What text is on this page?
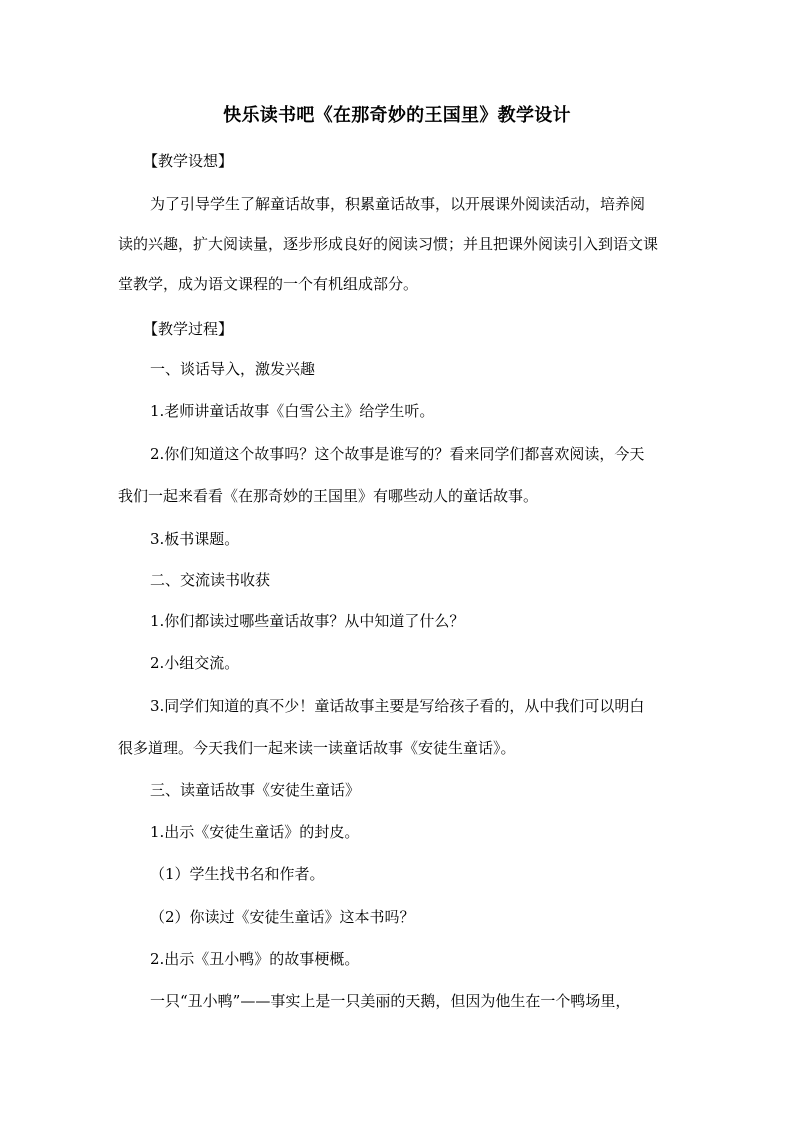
快乐读书吧《在那奇妙的王国里》教学设计
【教学设想】
为了引导学生了解童话故事，积累童话故事，以开展课外阅读活动，培养阅
读的兴趣，扩大阅读量，逐步形成良好的阅读习惯；并且把课外阅读引入到语文课
堂教学，成为语文课程的一个有机组成部分。
【教学过程】
一、谈话导入，激发兴趣
1.老师讲童话故事《白雪公主》给学生听。
2.你们知道这个故事吗？这个故事是谁写的？看来同学们都喜欢阅读，今天
我们一起来看看《在那奇妙的王国里》有哪些动人的童话故事。
3.板书课题。
二、交流读书收获
1.你们都读过哪些童话故事？从中知道了什么？
2.小组交流。
3.同学们知道的真不少！童话故事主要是写给孩子看的，从中我们可以明白
很多道理。今天我们一起来读一读童话故事《安徒生童话》。
三、读童话故事《安徒生童话》
1.出示《安徒生童话》的封皮。
（1）学生找书名和作者。
（2）你读过《安徒生童话》这本书吗？
2.出示《丑小鸭》的故事梗概。
一只“丑小鸭”——事实上是一只美丽的天鹅，但因为他生在一个鸭场里，
